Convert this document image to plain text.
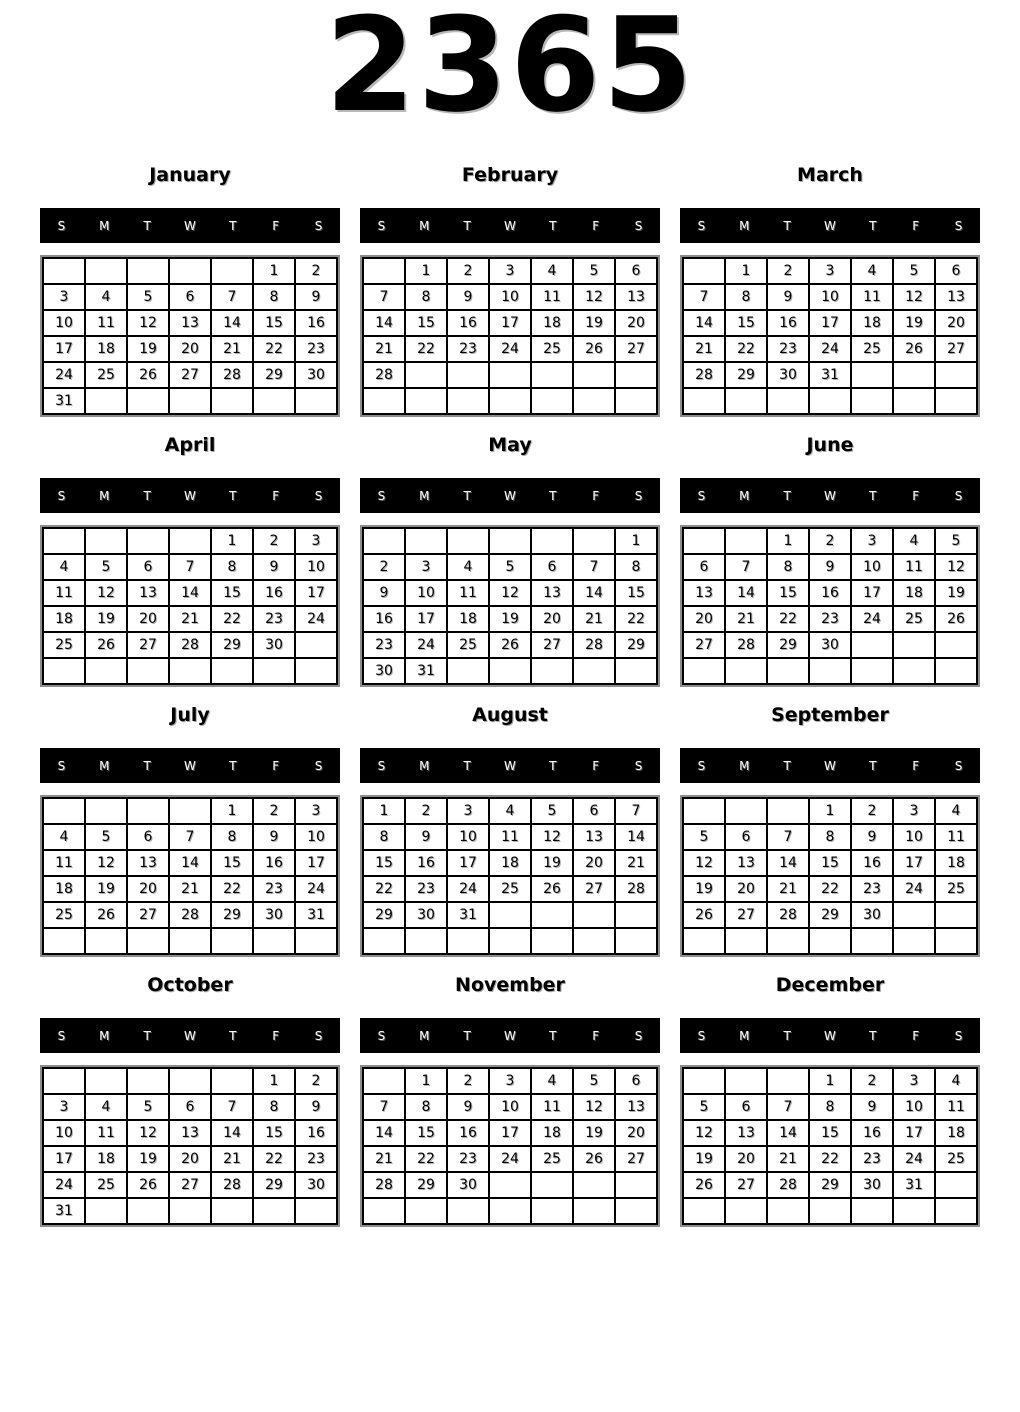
2365
January
S	M	T	W	T	F	S
					1	2
3	4	5	6	7	8	9
10	11	12	13	14	15	16
17	18	19	20	21	22	23
24	25	26	27	28	29	30
31						
February
S	M	T	W	T	F	S
	1	2	3	4	5	6
7	8	9	10	11	12	13
14	15	16	17	18	19	20
21	22	23	24	25	26	27
28						

March
S	M	T	W	T	F	S
	1	2	3	4	5	6
7	8	9	10	11	12	13
14	15	16	17	18	19	20
21	22	23	24	25	26	27
28	29	30	31			

April
S	M	T	W	T	F	S
				1	2	3
4	5	6	7	8	9	10
11	12	13	14	15	16	17
18	19	20	21	22	23	24
25	26	27	28	29	30	

May
S	M	T	W	T	F	S
						1
2	3	4	5	6	7	8
9	10	11	12	13	14	15
16	17	18	19	20	21	22
23	24	25	26	27	28	29
30	31					
June
S	M	T	W	T	F	S
		1	2	3	4	5
6	7	8	9	10	11	12
13	14	15	16	17	18	19
20	21	22	23	24	25	26
27	28	29	30			

July
S	M	T	W	T	F	S
				1	2	3
4	5	6	7	8	9	10
11	12	13	14	15	16	17
18	19	20	21	22	23	24
25	26	27	28	29	30	31

August
S	M	T	W	T	F	S
1	2	3	4	5	6	7
8	9	10	11	12	13	14
15	16	17	18	19	20	21
22	23	24	25	26	27	28
29	30	31				

September
S	M	T	W	T	F	S
			1	2	3	4
5	6	7	8	9	10	11
12	13	14	15	16	17	18
19	20	21	22	23	24	25
26	27	28	29	30		

October
S	M	T	W	T	F	S
					1	2
3	4	5	6	7	8	9
10	11	12	13	14	15	16
17	18	19	20	21	22	23
24	25	26	27	28	29	30
31						
November
S	M	T	W	T	F	S
	1	2	3	4	5	6
7	8	9	10	11	12	13
14	15	16	17	18	19	20
21	22	23	24	25	26	27
28	29	30				

December
S	M	T	W	T	F	S
			1	2	3	4
5	6	7	8	9	10	11
12	13	14	15	16	17	18
19	20	21	22	23	24	25
26	27	28	29	30	31	
